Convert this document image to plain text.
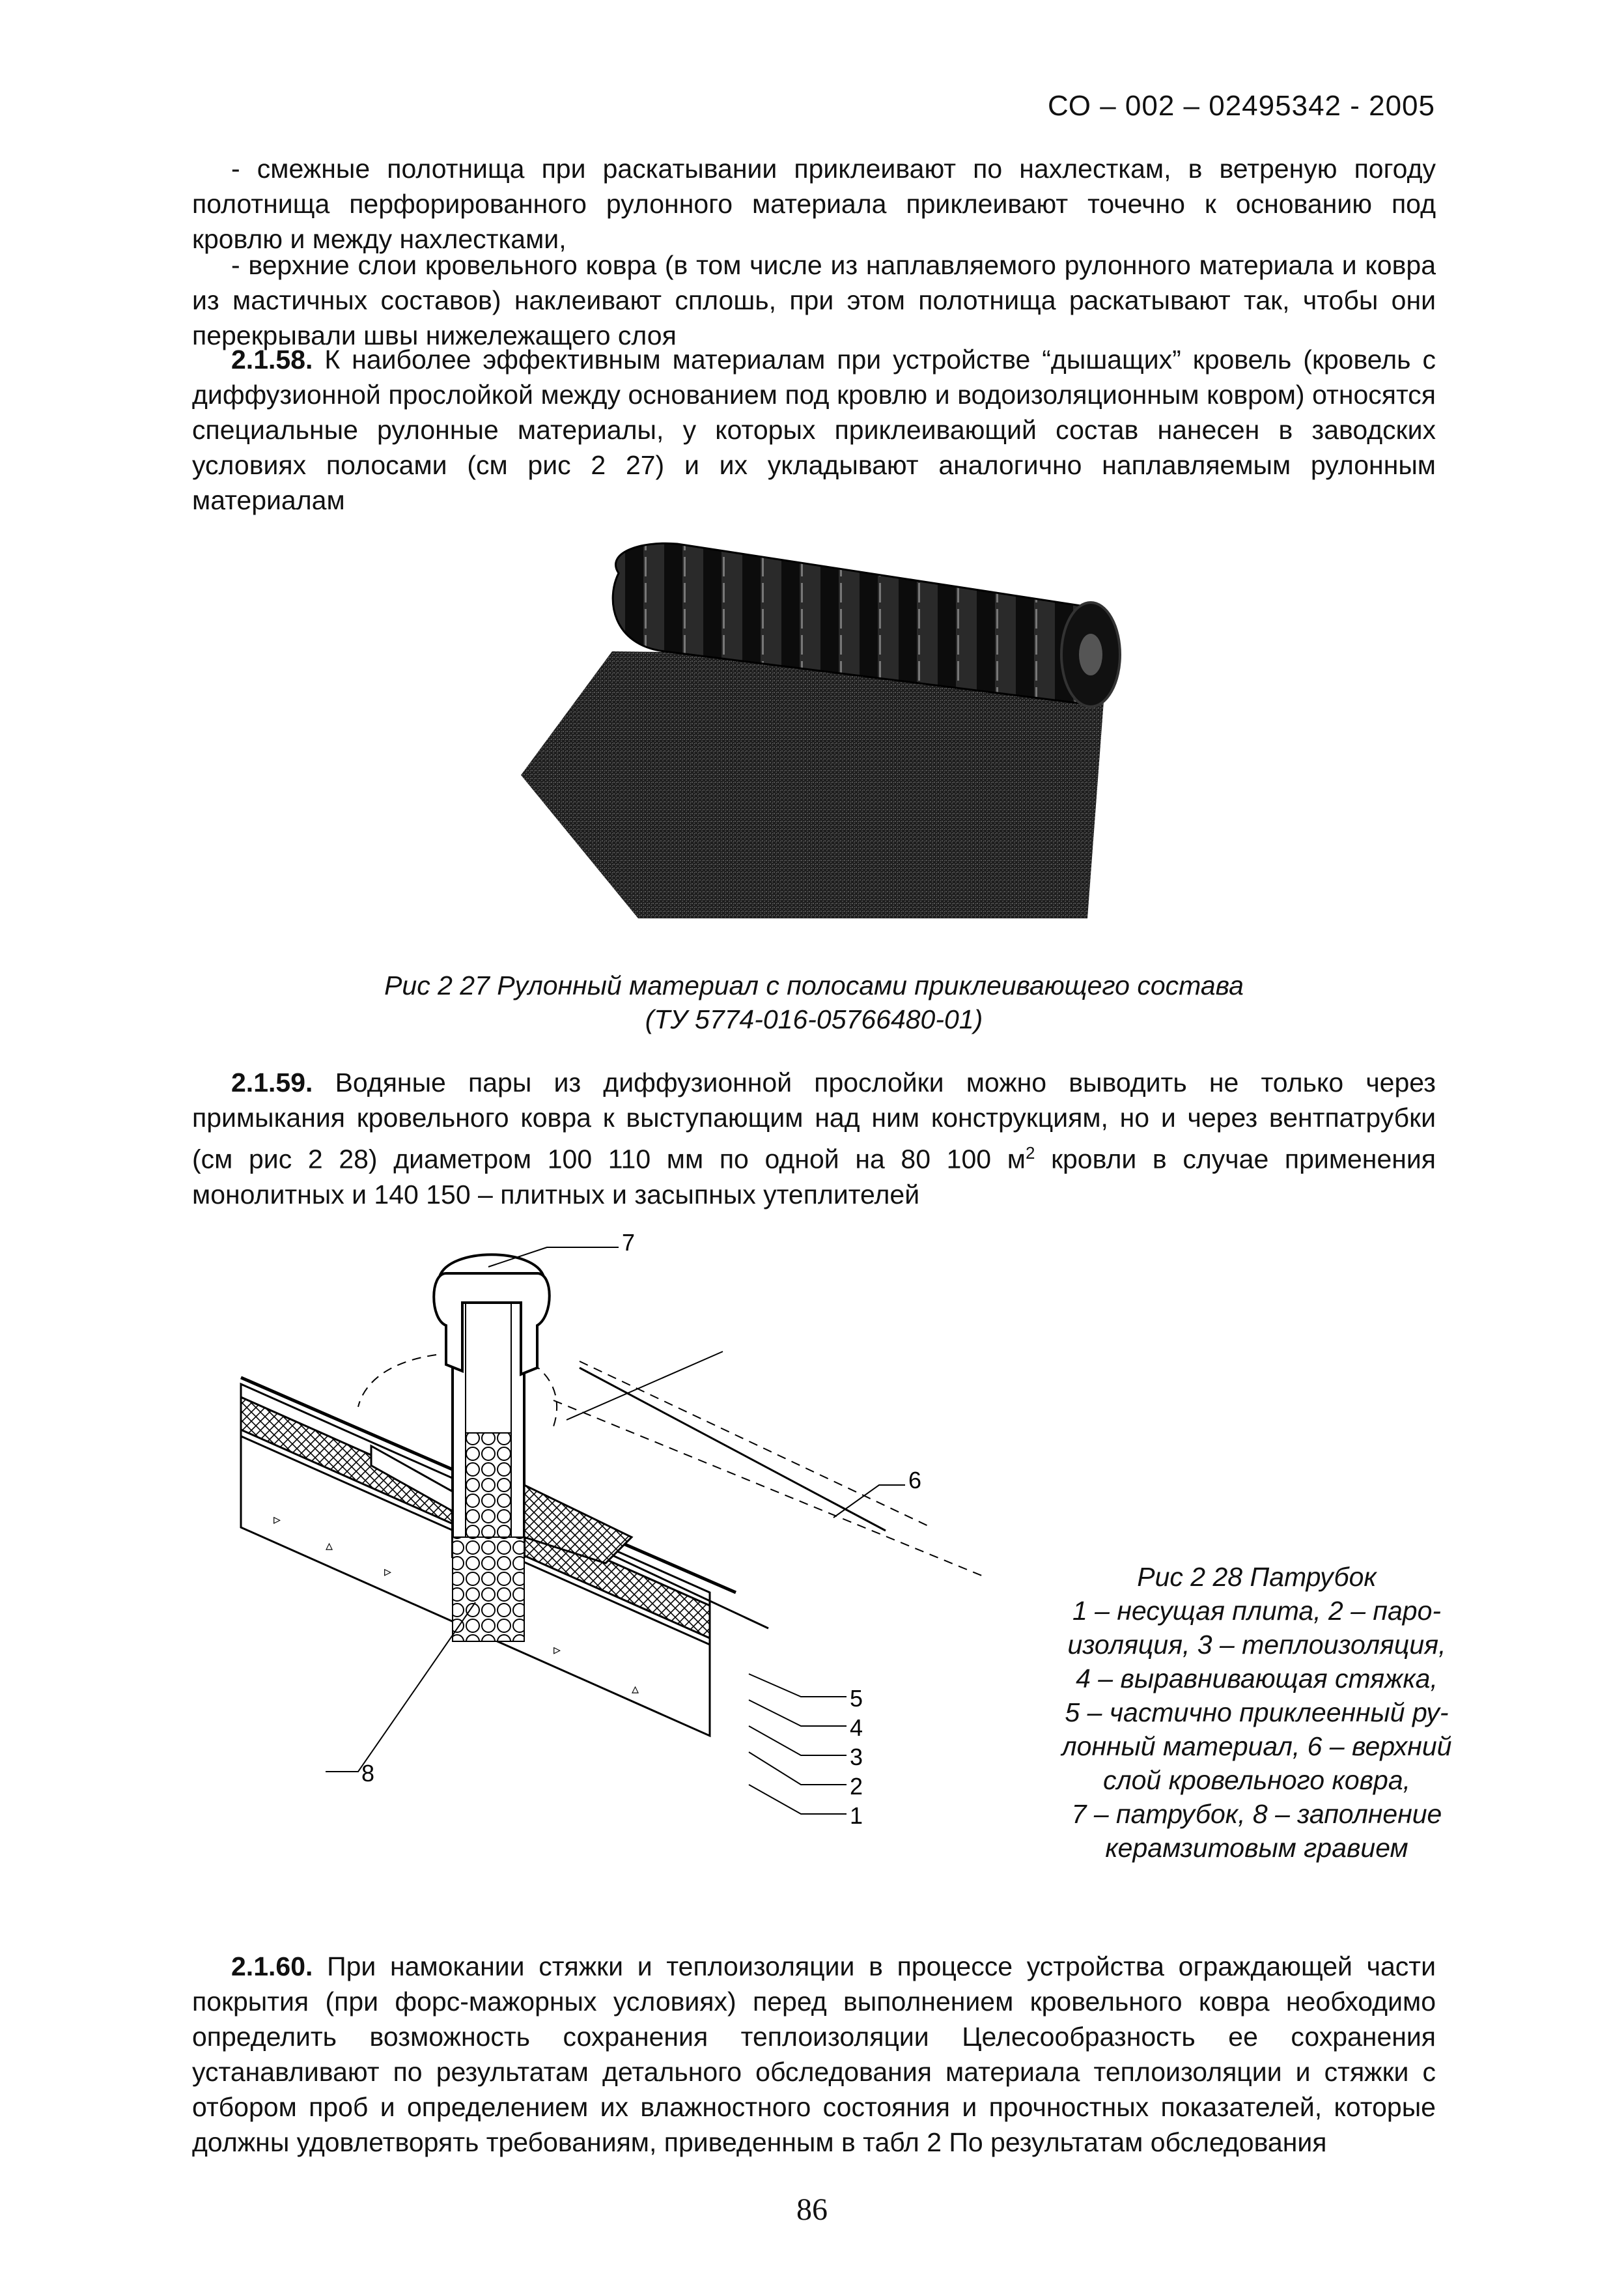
СО – 002 – 02495342 - 2005
- смежные полотнища при раскатывании приклеивают по нахлесткам, в ветреную погоду полотнища перфорированного рулонного материала приклеивают точечно к основанию под кровлю и между нахлестками,
- верхние слои кровельного ковра (в том числе из наплавляемого рулонного материала и ковра из мастичных составов) наклеивают сплошь, при этом полотнища раскатывают так, чтобы они перекрывали швы нижележащего слоя
2.1.58. К наиболее эффективным материалам при устройстве “дышащих” кровель (кровель с диффузионной прослойкой между основанием под кровлю и водоизоляционным ковром) относятся специальные рулонные материалы, у которых приклеивающий состав нанесен в заводских условиях полосами (см рис 2 27) и их укладывают аналогично наплавляемым рулонным материалам
Рис 2 27 Рулонный материал с полосами приклеивающего состава
(ТУ 5774-016-05766480-01)
2.1.59. Водяные пары из диффузионной прослойки можно выводить не только через примыкания кровельного ковра к выступающим над ним конструкциям, но и через вентпатрубки (см рис 2 28) диаметром 100 110 мм по одной на 80 100 $м^2$ кровли в случае применения монолитных и 140 150 – плитных и засыпных утеплителей
▹
▵
▹
▹
▵
7
6
5
4
3
2
1
8
Рис 2 28 Патрубок
1 – несущая плита, 2 – паро-
изоляция, 3 – теплоизоляция,
4 – выравнивающая стяжка,
5 – частично приклеенный ру-
лонный материал, 6 – верхний
слой кровельного ковра,
7 – патрубок, 8 – заполнение
керамзитовым гравием
2.1.60. При намокании стяжки и теплоизоляции в процессе устройства ограждающей части покрытия (при форс-мажорных условиях) перед выполнением кровельного ковра необходимо определить возможность сохранения теплоизоляции Целесообразность ее сохранения устанавливают по результатам детального обследования материала теплоизоляции и стяжки с отбором проб и определением их влажностного состояния и прочностных показателей, которые должны удовлетворять требованиям, приведенным в табл 2 По результатам обследования
86
